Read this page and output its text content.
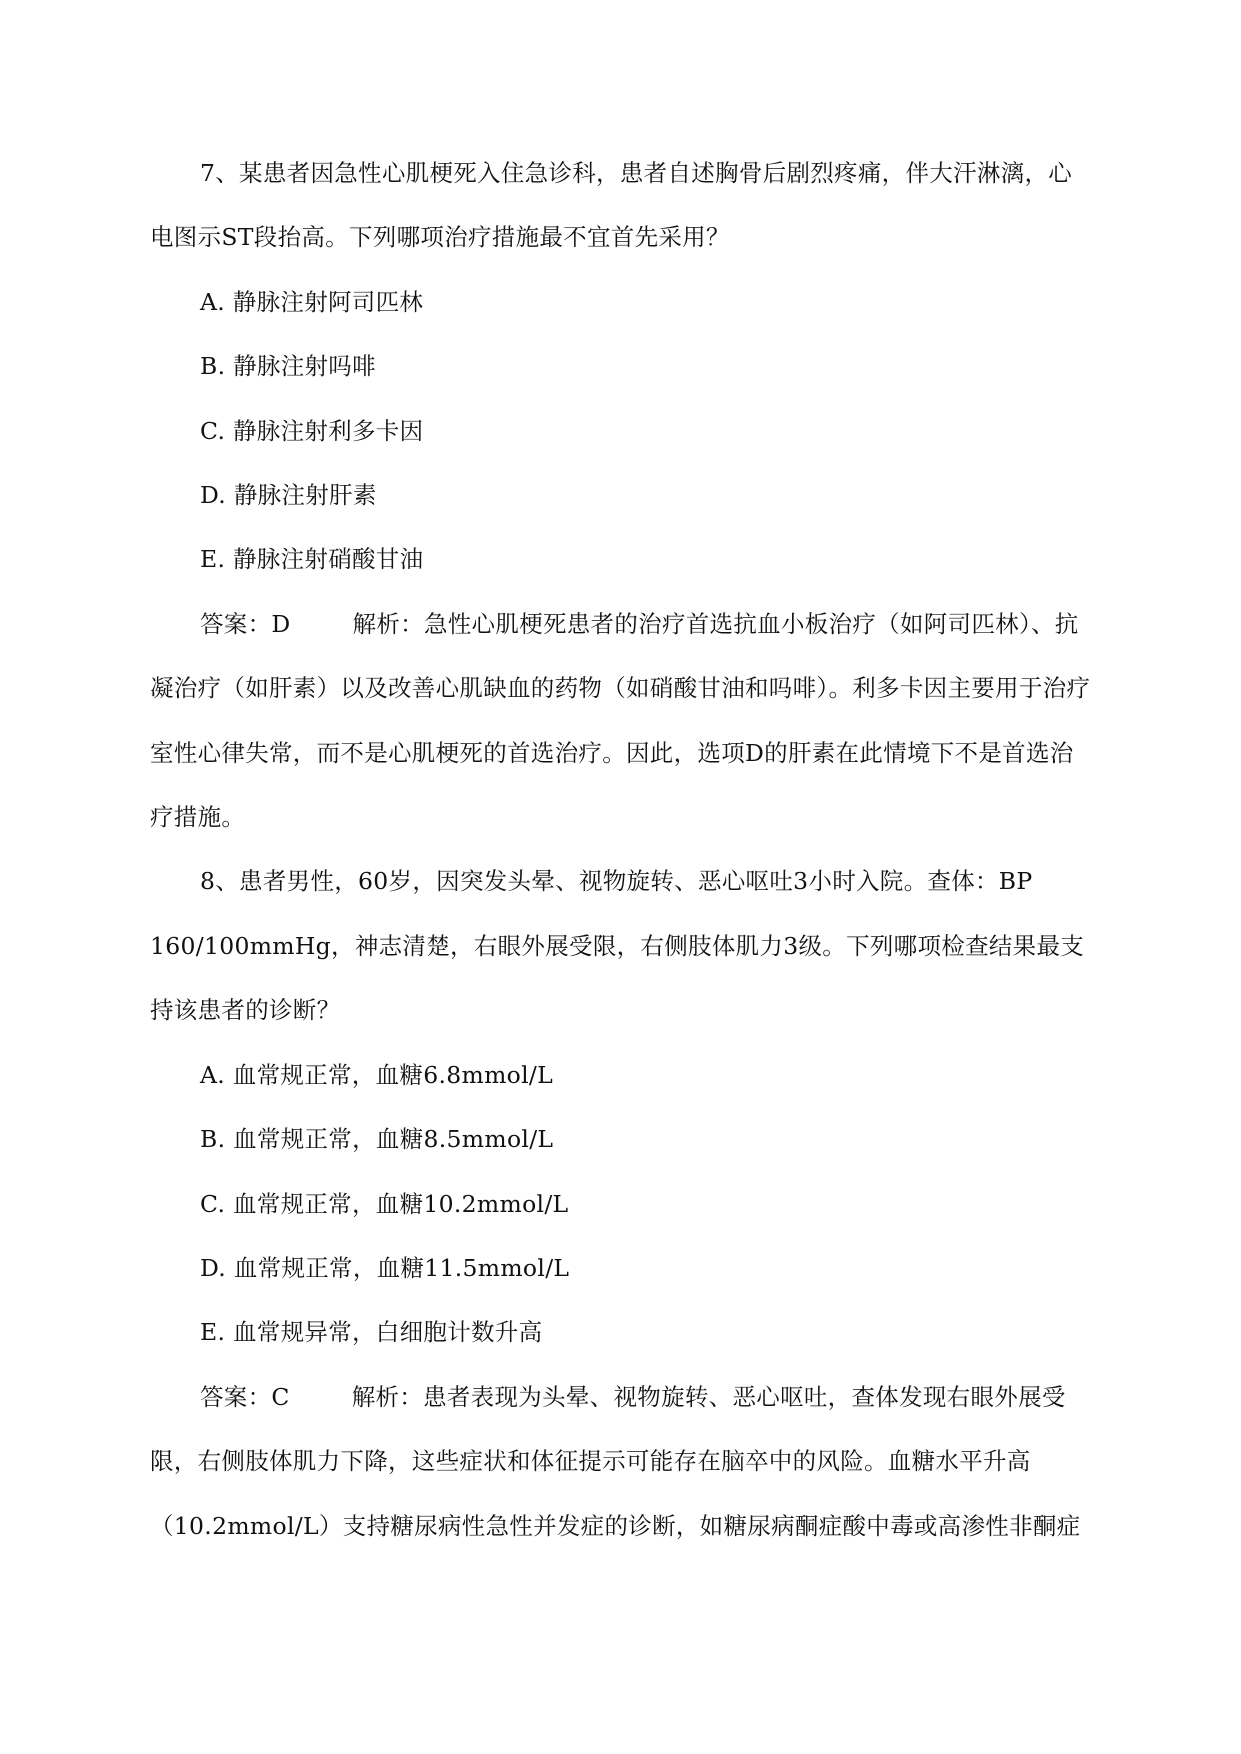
7、某患者因急性心肌梗死入住急诊科，患者自述胸骨后剧烈疼痛，伴大汗淋漓，心电图示ST段抬高。下列哪项治疗措施最不宜首先采用？

A. 静脉注射阿司匹林

B. 静脉注射吗啡

C. 静脉注射利多卡因

D. 静脉注射肝素

E. 静脉注射硝酸甘油

答案：D	解析：急性心肌梗死患者的治疗首选抗血小板治疗（如阿司匹林）、抗凝治疗（如肝素）以及改善心肌缺血的药物（如硝酸甘油和吗啡）。利多卡因主要用于治疗室性心律失常，而不是心肌梗死的首选治疗。因此，选项D的肝素在此情境下不是首选治疗措施。

8、患者男性，60岁，因突发头晕、视物旋转、恶心呕吐3小时入院。查体：BP 160/100mmHg，神志清楚，右眼外展受限，右侧肢体肌力3级。下列哪项检查结果最支持该患者的诊断？

A. 血常规正常，血糖6.8mmol/L

B. 血常规正常，血糖8.5mmol/L

C. 血常规正常，血糖10.2mmol/L

D. 血常规正常，血糖11.5mmol/L

E. 血常规异常，白细胞计数升高

答案：C	解析：患者表现为头晕、视物旋转、恶心呕吐，查体发现右眼外展受限，右侧肢体肌力下降，这些症状和体征提示可能存在脑卒中的风险。血糖水平升高（10.2mmol/L）支持糖尿病性急性并发症的诊断，如糖尿病酮症酸中毒或高渗性非酮症
